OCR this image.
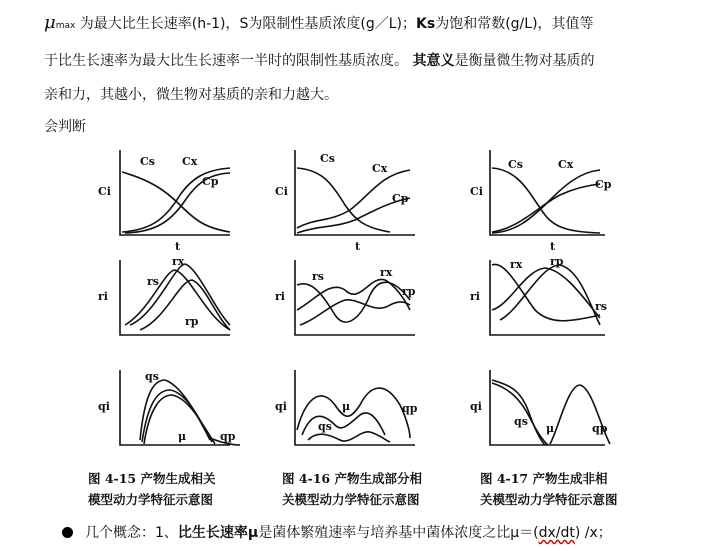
μmax 为最大比生长速率(h-1)，S为限制性基质浓度(g／L)；Ks为饱和常数(g/L)，其值等
于比生长速率为最大比生长速率一半时的限制性基质浓度。 其意义是衡量微生物对基质的
亲和力，其越小，微生物对基质的亲和力越大。
会判断
Cs Cx
Cp
Ci
t
Cs
Cx
Cp
Ci
t
Cs	Cx
Cp
Ci
t
rs
rx
rp
ri
rs	rx
rp
ri
rx	rp
rs
ri
qs
μ	qp
qi
qs
μ	qp
qi
qs
μ	qp
qi
图 4-15 产物生成相关
模型动力学特征示意图
图 4-16 产物生成部分相
关模型动力学特征示意图
图 4-17 产物生成非相
关模型动力学特征示意图
几个概念：1、比生长速率μ是菌体繁殖速率与培养基中菌体浓度之比μ＝(dx/dt) /x；
